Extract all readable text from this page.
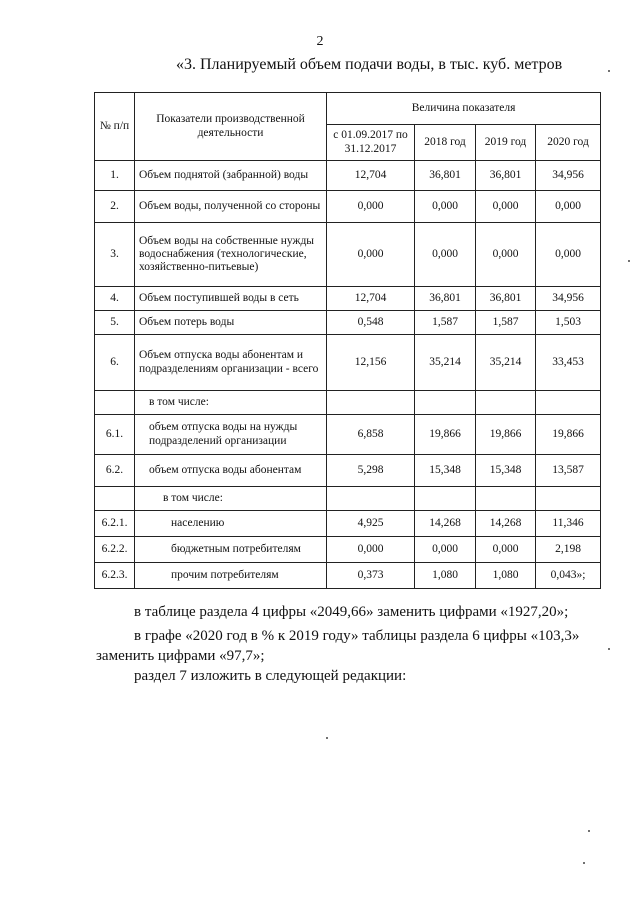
2
«3. Планируемый объем подачи воды, в тыс. куб. метров
№ п/п	Показатели производственной деятельности	Величина показателя			
		с 01.09.2017 по 31.12.2017	2018 год	2019 год	2020 год
1.	Объем поднятой (забранной) воды	12,704	36,801	36,801	34,956
2.	Объем воды, полученной со стороны	0,000	0,000	0,000	0,000
3.	Объем воды на собственные нужды водоснабжения (технологические, хозяйственно-питьевые)	0,000	0,000	0,000	0,000
4.	Объем поступившей воды в сеть	12,704	36,801	36,801	34,956
5.	Объем потерь воды	0,548	1,587	1,587	1,503
6.	Объем отпуска воды абонентам и подразделениям организации - всего	12,156	35,214	35,214	33,453
	в том числе:				
6.1.	объем отпуска воды на нужды подразделений организации	6,858	19,866	19,866	19,866
6.2.	объем отпуска воды абонентам	5,298	15,348	15,348	13,587
	в том числе:				
6.2.1.	населению	4,925	14,268	14,268	11,346
6.2.2.	бюджетным потребителям	0,000	0,000	0,000	2,198
6.2.3.	прочим потребителям	0,373	1,080	1,080	0,043»;
в таблице раздела 4 цифры «2049,66» заменить цифрами «1927,20»;
в графе «2020 год в % к 2019 году» таблицы раздела 6 цифры «103,3»
заменить цифрами «97,7»;
раздел 7 изложить в следующей редакции:
